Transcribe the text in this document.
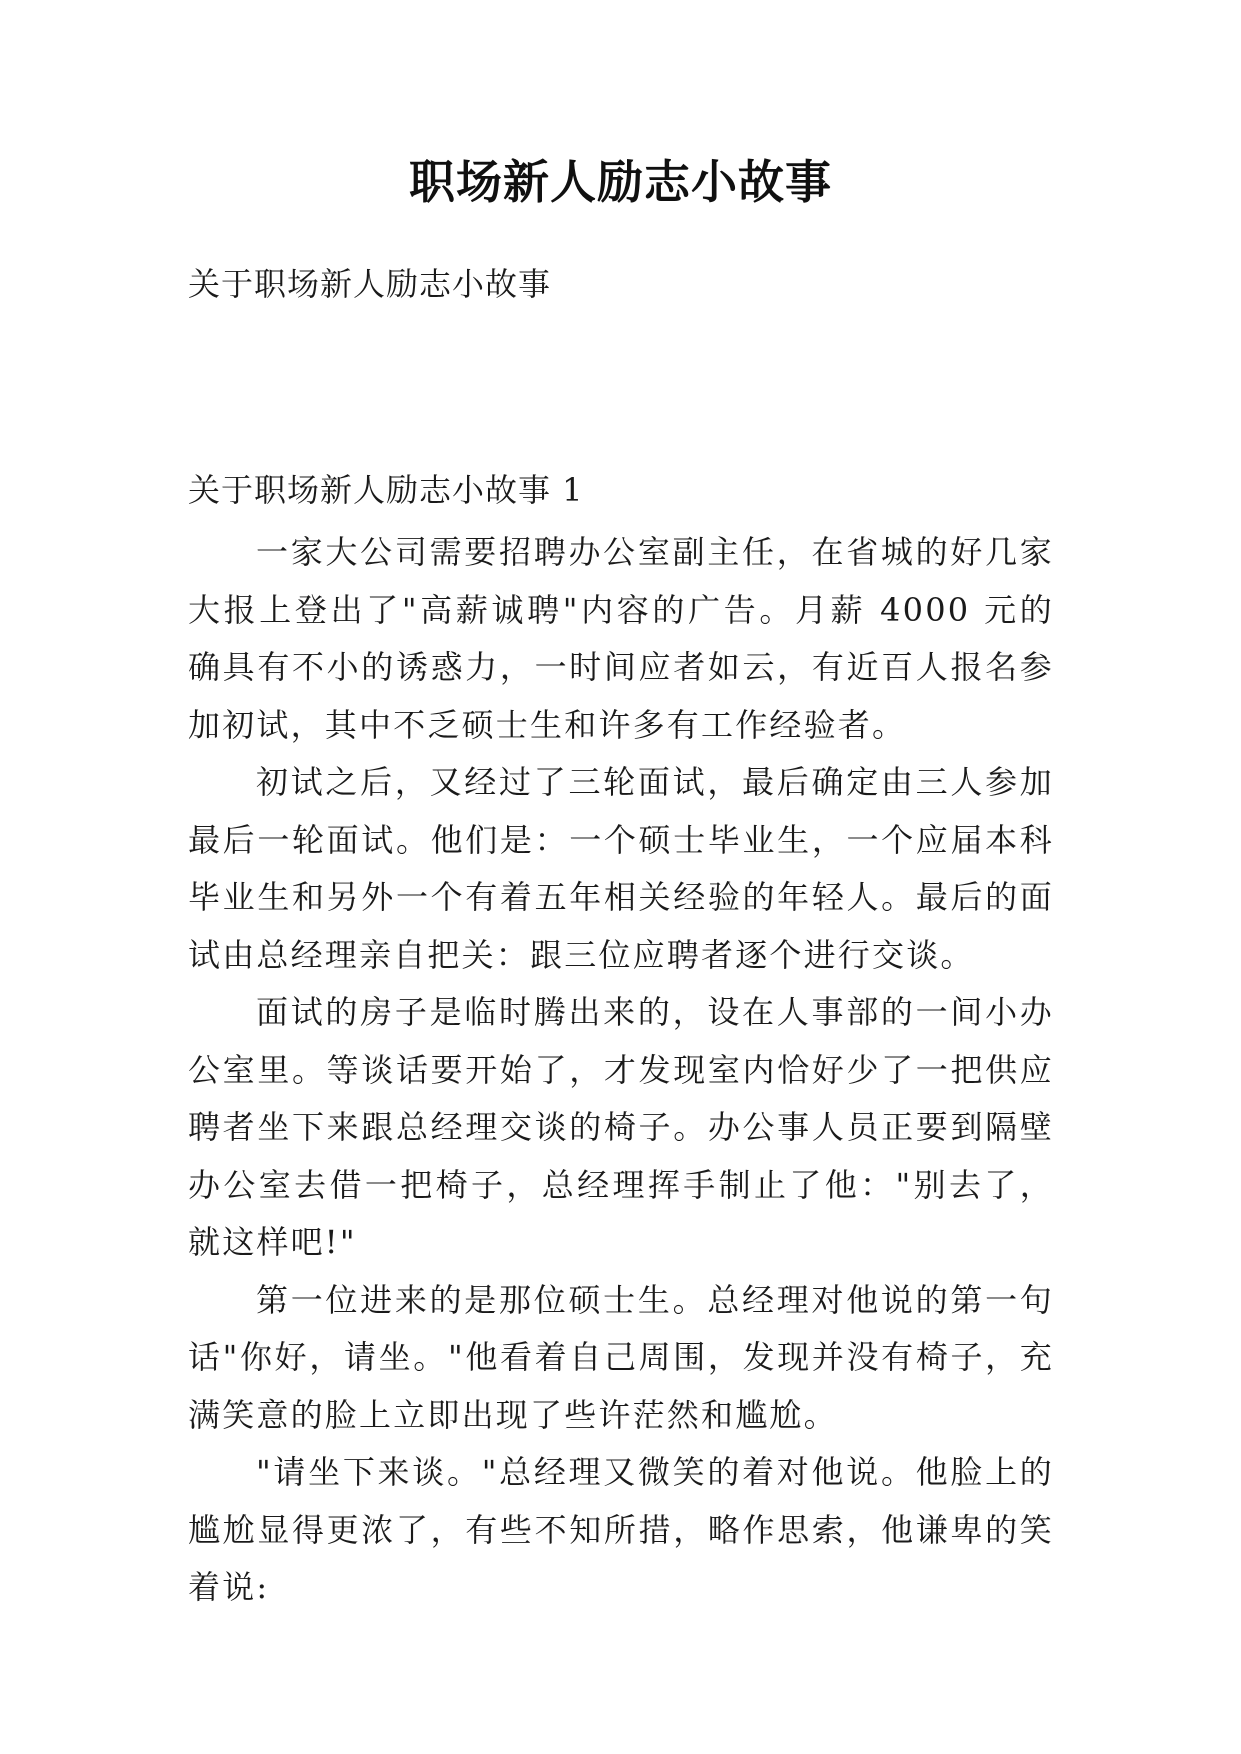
职场新人励志小故事

关于职场新人励志小故事

关于职场新人励志小故事 1

一家大公司需要招聘办公室副主任，在省城的好几家大报上登出了"高薪诚聘"内容的广告。月薪 4000 元的确具有不小的诱惑力，一时间应者如云，有近百人报名参加初试，其中不乏硕士生和许多有工作经验者。

初试之后，又经过了三轮面试，最后确定由三人参加最后一轮面试。他们是：一个硕士毕业生，一个应届本科毕业生和另外一个有着五年相关经验的年轻人。最后的面试由总经理亲自把关：跟三位应聘者逐个进行交谈。

面试的房子是临时腾出来的，设在人事部的一间小办公室里。等谈话要开始了，才发现室内恰好少了一把供应聘者坐下来跟总经理交谈的椅子。办公事人员正要到隔壁办公室去借一把椅子，总经理挥手制止了他："别去了，就这样吧!"

第一位进来的是那位硕士生。总经理对他说的第一句话"你好，请坐。"他看着自己周围，发现并没有椅子，充满笑意的脸上立即出现了些许茫然和尴尬。

"请坐下来谈。"总经理又微笑的着对他说。他脸上的尴尬显得更浓了，有些不知所措，略作思索，他谦卑的笑着说:
